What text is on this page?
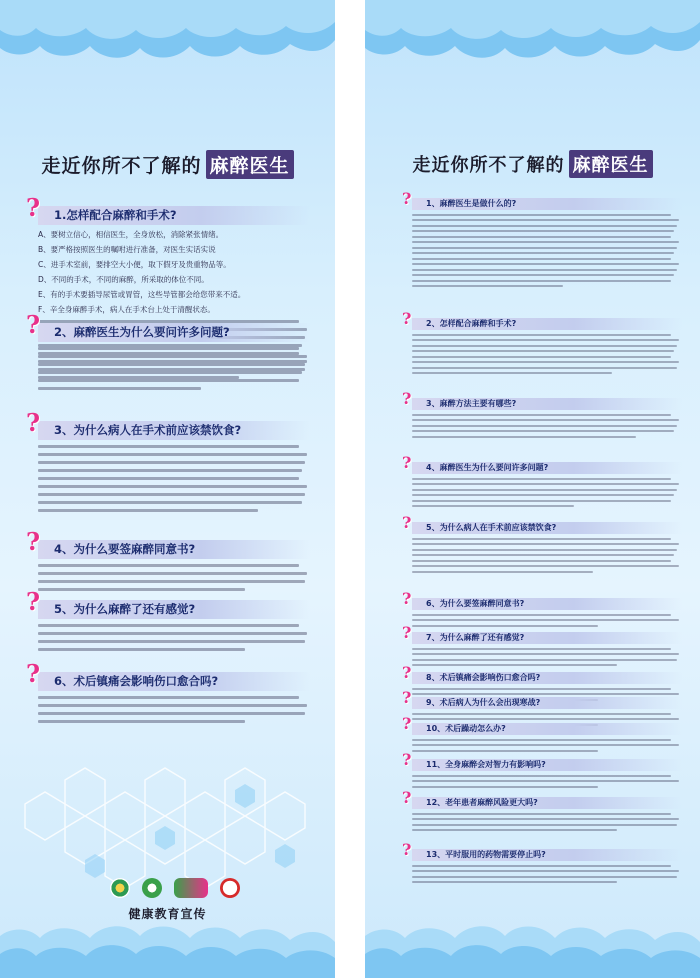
走近你所不了解的 麻醉医生
? 1.怎样配合麻醉和手术?
A、要树立信心，相信医生，全身放松，消除紧张情绪。
B、要严格按照医生的嘱咐进行准备，对医生实话实说
C、进手术室前，要排空大小便，取下假牙及贵重物品等。
D、不同的手术，不同的麻醉，所采取的体位不同。
E、有的手术要插导尿管或胃管，这些导管都会给您带来不适。
F、辛全身麻醉手术，病人在手术台上处于清醒状态。
? 2、麻醉医生为什么要问许多问题?
? 3、为什么病人在手术前应该禁饮食?
? 4、为什么要签麻醉同意书?
? 5、为什么麻醉了还有感觉?
? 6、术后镇痛会影响伤口愈合吗?
健康教育宣传
走近你所不了解的 麻醉医生
? 1、麻醉医生是做什么的?
? 2、怎样配合麻醉和手术?
? 3、麻醉方法主要有哪些?
? 4、麻醉医生为什么要问许多问题?
? 5、为什么病人在手术前应该禁饮食?
? 6、为什么要签麻醉同意书?
? 7、为什么麻醉了还有感觉?
? 8、术后镇痛会影响伤口愈合吗?
? 9、术后病人为什么会出现寒战?
? 10、术后躁动怎么办?
? 11、全身麻醉会对智力有影响吗?
? 12、老年患者麻醉风险更大吗?
? 13、平时服用的药物需要停止吗?
